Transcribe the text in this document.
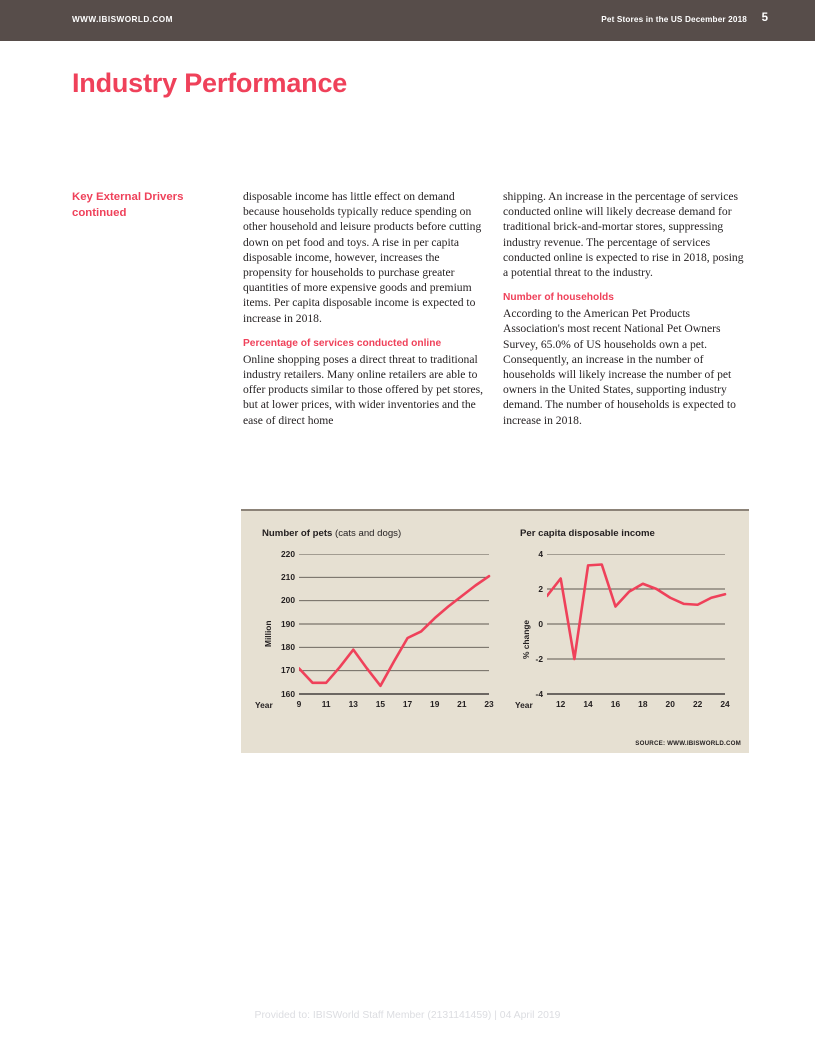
WWW.IBISWORLD.COM	Pet Stores in the US December 2018 5
Industry Performance
Key External Drivers continued

disposable income has little effect on demand because households typically reduce spending on other household and leisure products before cutting down on pet food and toys. A rise in per capita disposable income, however, increases the propensity for households to purchase greater quantities of more expensive goods and premium items. Per capita disposable income is expected to increase in 2018.

Percentage of services conducted online

Online shopping poses a direct threat to traditional industry retailers. Many online retailers are able to offer products similar to those offered by pet stores, but at lower prices, with wider inventories and the ease of direct home

shipping. An increase in the percentage of services conducted online will likely decrease demand for traditional brick-and-mortar stores, suppressing industry revenue. The percentage of services conducted online is expected to rise in 2018, posing a potential threat to the industry.

Number of households

According to the American Pet Products Association's most recent National Pet Owners Survey, 65.0% of US households own a pet. Consequently, an increase in the number of households will likely increase the number of pet owners in the United States, supporting industry demand. The number of households is expected to increase in 2018.

Number of pets (cats and dogs)
Million
Year
Per capita disposable income
% change
Year
SOURCE: WWW.IBISWORLD.COM
160
170
180
190
200
210
220
9	11	13	15	17	19	21	23
-4
-2
0
2
4
12	14	16	18	20	22	24
Provided to: IBISWorld Staff Member (2131141459) | 04 April 2019
